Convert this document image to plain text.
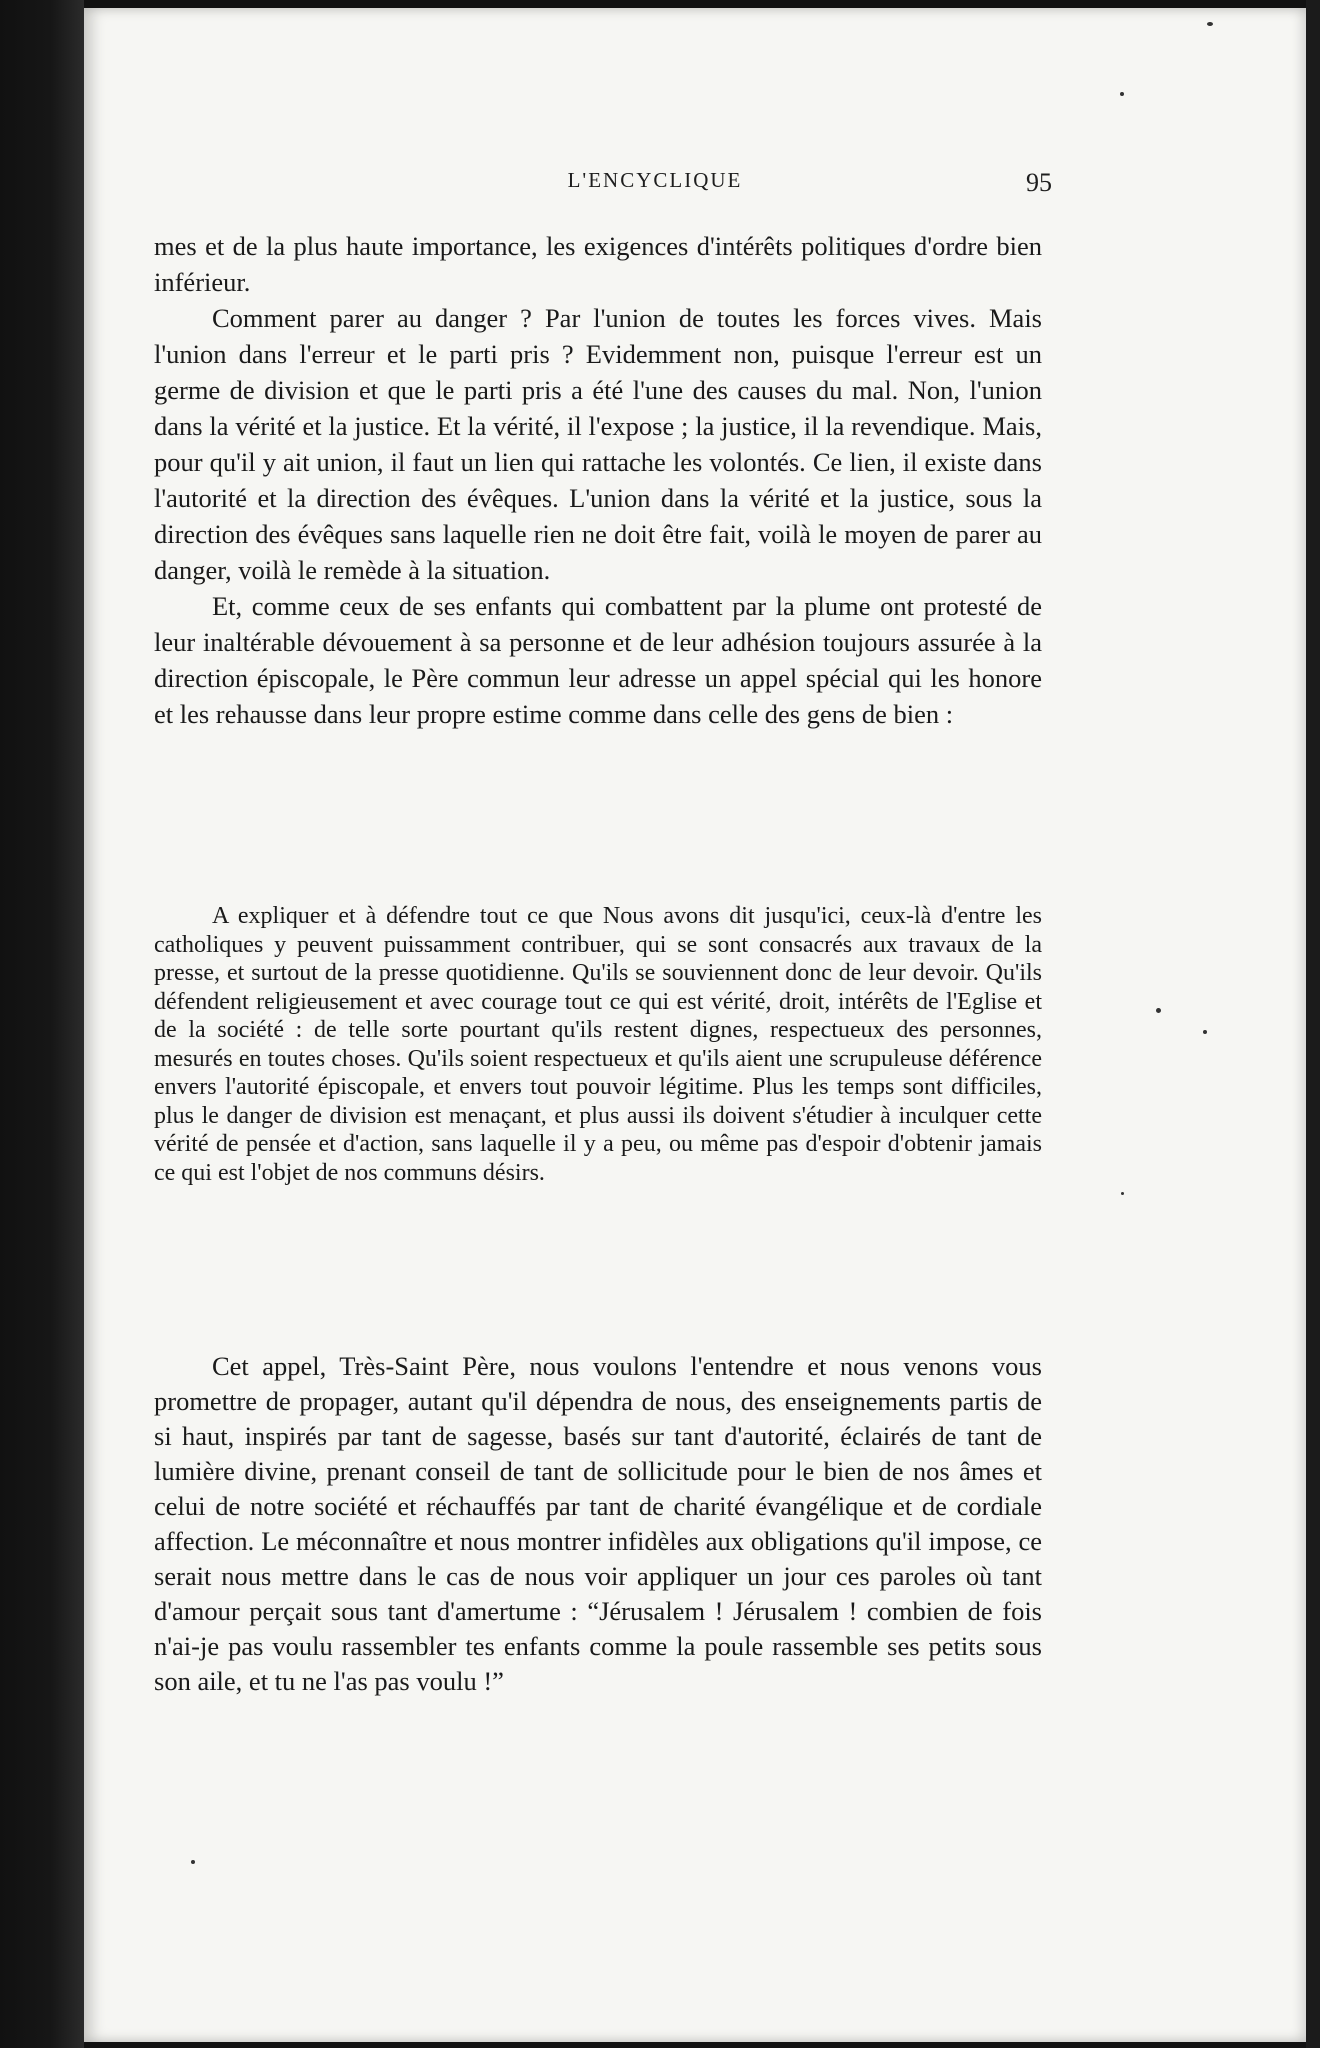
L'ENCYCLIQUE	95

mes et de la plus haute importance, les exigences d'intérêts politiques d'ordre bien inférieur.

Comment parer au danger ? Par l'union de toutes les forces vives. Mais l'union dans l'erreur et le parti pris ? Evidemment non, puisque l'erreur est un germe de division et que le parti pris a été l'une des causes du mal. Non, l'union dans la vérité et la justice. Et la vérité, il l'expose ; la justice, il la revendique. Mais, pour qu'il y ait union, il faut un lien qui rattache les volontés. Ce lien, il existe dans l'autorité et la direction des évêques. L'union dans la vérité et la justice, sous la direction des évêques sans laquelle rien ne doit être fait, voilà le moyen de parer au danger, voilà le remède à la situation.

Et, comme ceux de ses enfants qui combattent par la plume ont protesté de leur inaltérable dévouement à sa personne et de leur adhésion toujours assurée à la direction épiscopale, le Père commun leur adresse un appel spécial qui les honore et les rehausse dans leur propre estime comme dans celle des gens de bien :

A expliquer et à défendre tout ce que Nous avons dit jusqu'ici, ceux-là d'entre les catholiques y peuvent puissamment contribuer, qui se sont consacrés aux travaux de la presse, et surtout de la presse quotidienne. Qu'ils se souviennent donc de leur devoir. Qu'ils défendent religieusement et avec courage tout ce qui est vérité, droit, intérêts de l'Eglise et de la société : de telle sorte pourtant qu'ils restent dignes, respectueux des personnes, mesurés en toutes choses. Qu'ils soient respectueux et qu'ils aient une scrupuleuse déférence envers l'autorité épiscopale, et envers tout pouvoir légitime. Plus les temps sont difficiles, plus le danger de division est menaçant, et plus aussi ils doivent s'étudier à inculquer cette vérité de pensée et d'action, sans laquelle il y a peu, ou même pas d'espoir d'obtenir jamais ce qui est l'objet de nos communs désirs.

Cet appel, Très-Saint Père, nous voulons l'entendre et nous venons vous promettre de propager, autant qu'il dépendra de nous, des enseignements partis de si haut, inspirés par tant de sagesse, basés sur tant d'autorité, éclairés de tant de lumière divine, prenant conseil de tant de sollicitude pour le bien de nos âmes et celui de notre société et réchauffés par tant de charité évangélique et de cordiale affection. Le méconnaître et nous montrer infidèles aux obligations qu'il impose, ce serait nous mettre dans le cas de nous voir appliquer un jour ces paroles où tant d'amour perçait sous tant d'amertume : “Jérusalem ! Jérusalem ! combien de fois n'ai-je pas voulu rassembler tes enfants comme la poule rassemble ses petits sous son aile, et tu ne l'as pas voulu !”
